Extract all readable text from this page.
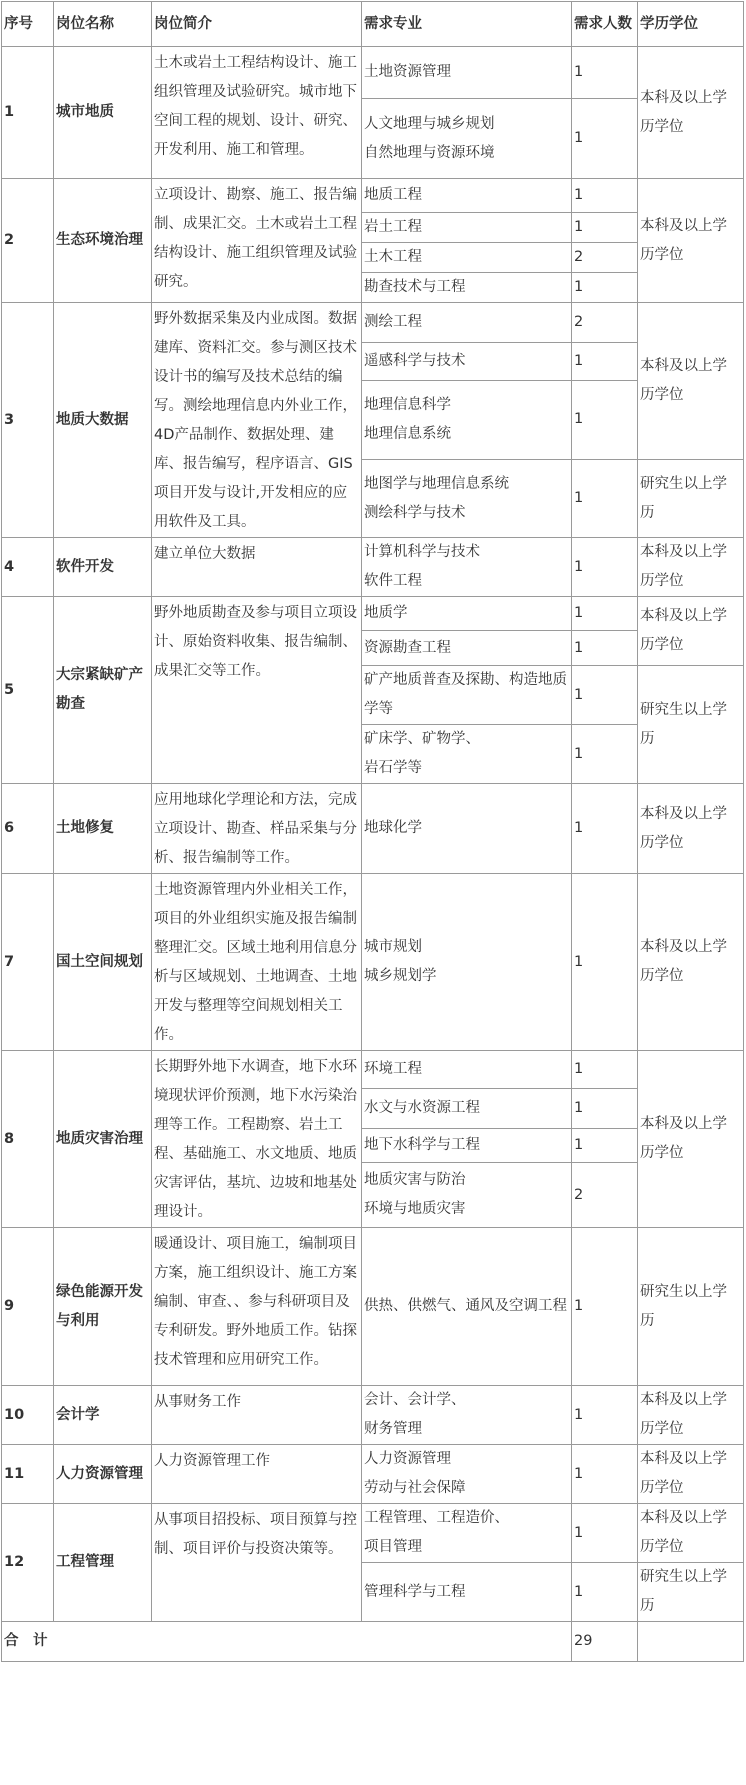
序号	岗位名称	岗位简介	需求专业	需求人数	学历学位
1	城市地质	土木或岩土工程结构设计、施工组织管理及试验研究。城市地下空间工程的规划、设计、研究、开发利用、施工和管理。	土地资源管理	1	本科及以上学历学位

			人文地理与城乡规划
自然地理与资源环境	1	
2	生态环境治理	立项设计、勘察、施工、报告编制、成果汇交。土木或岩土工程结构设计、施工组织管理及试验研究。	地质工程	1	本科及以上学历学位

			岩土工程	1	

			土木工程	2	

			勘查技术与工程	1	
3	地质大数据	野外数据采集及内业成图。数据建库、资料汇交。参与测区技术设计书的编写及技术总结的编写。测绘地理信息内外业工作，4D产品制作、数据处理、建库、报告编写，程序语言、GIS项目开发与设计,开发相应的应用软件及工具。	测绘工程	2	本科及以上学历学位

			遥感科学与技术	1	

			地理信息科学
地理信息系统	1	

			地图学与地理信息系统
测绘科学与技术	1	研究生以上学历
4	软件开发	建立单位大数据	计算机科学与技术
软件工程	1	本科及以上学历学位
5	大宗紧缺矿产勘查	野外地质勘查及参与项目立项设计、原始资料收集、报告编制、成果汇交等工作。	地质学	1	本科及以上学历学位

			资源勘查工程	1	

			矿产地质普查及探勘、构造地质学等	1	研究生以上学历

			矿床学、矿物学、
岩石学等	1	
6	土地修复	应用地球化学理论和方法，完成立项设计、勘查、样品采集与分析、报告编制等工作。	地球化学	1	本科及以上学历学位
7	国土空间规划	土地资源管理内外业相关工作，项目的外业组织实施及报告编制整理汇交。区域土地利用信息分析与区域规划、土地调查、土地开发与整理等空间规划相关工作。	城市规划
城乡规划学	1	本科及以上学历学位
8	地质灾害治理	长期野外地下水调查，地下水环境现状评价预测，地下水污染治理等工作。工程勘察、岩土工程、基础施工、水文地质、地质灾害评估，基坑、边坡和地基处理设计。	环境工程	1	本科及以上学历学位

			水文与水资源工程	1	

			地下水科学与工程	1	

			地质灾害与防治
环境与地质灾害	2	
9	绿色能源开发与利用	暖通设计、项目施工，编制项目方案，施工组织设计、施工方案编制、审查、、参与科研项目及专利研发。野外地质工作。钻探技术管理和应用研究工作。	供热、供燃气、通风及空调工程	1	研究生以上学历
10	会计学	从事财务工作	会计、会计学、
财务管理	1	本科及以上学历学位
11	人力资源管理	人力资源管理工作	人力资源管理
劳动与社会保障	1	本科及以上学历学位
12	工程管理	从事项目招投标、项目预算与控制、项目评价与投资决策等。	工程管理、工程造价、
项目管理	1	本科及以上学历学位

			管理科学与工程	1	研究生以上学历
合　计				29	
